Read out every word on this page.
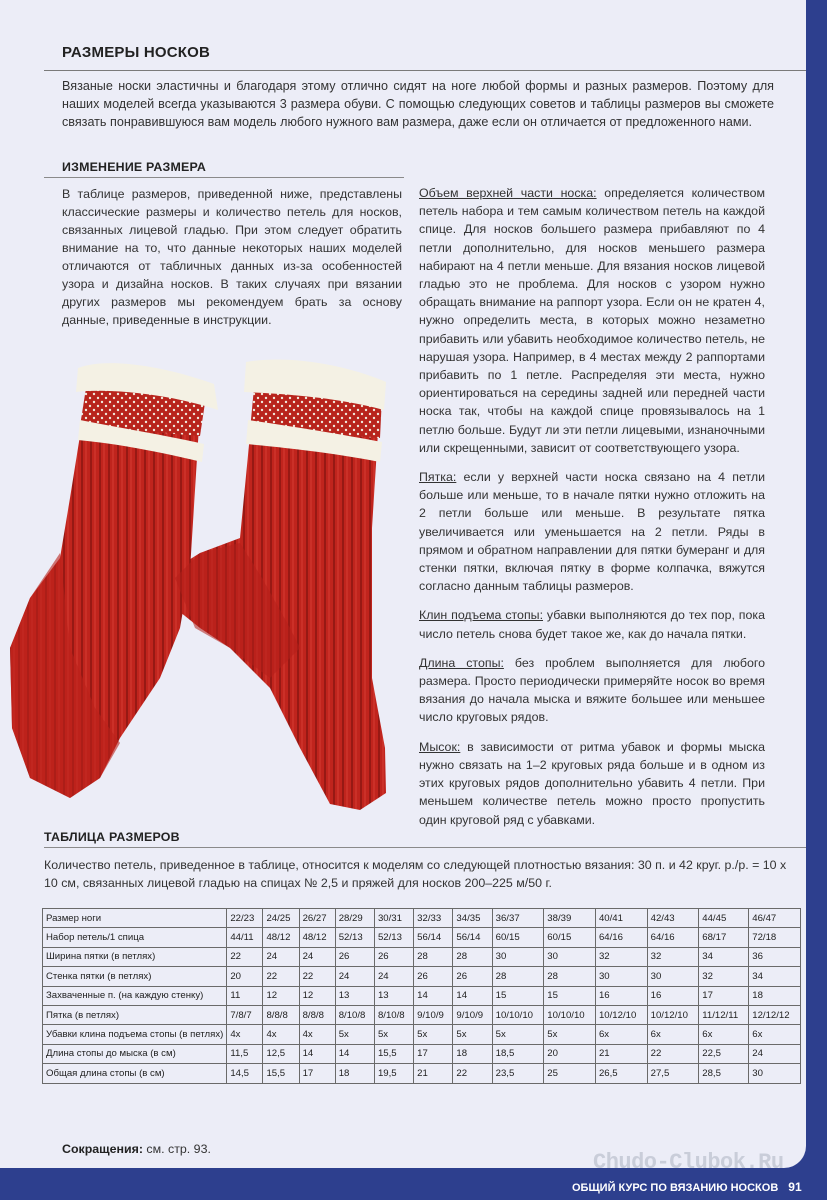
РАЗМЕРЫ НОСКОВ

Вязаные носки эластичны и благодаря этому отлично сидят на ноге любой формы и разных размеров. Поэтому для наших моделей всегда указываются 3 размера обуви. С помощью следующих советов и таблицы размеров вы сможете связать понравившуюся вам модель любого нужного вам размера, даже если он отличается от предложенного нами.

ИЗМЕНЕНИЕ РАЗМЕРА

В таблице размеров, приведенной ниже, представлены классические размеры и количество петель для носков, связанных лицевой гладью. При этом следует обратить внимание на то, что данные некоторых наших моделей отличаются от табличных данных из-за особенностей узора и дизайна носков. В таких случаях при вязании других размеров мы рекомендуем брать за основу данные, приведенные в инструкции.

Объем верхней части носка: определяется количеством петель набора и тем самым количеством петель на каждой спице. Для носков большего размера прибавляют по 4 петли дополнительно, для носков меньшего размера набирают на 4 петли меньше. Для вязания носков лицевой гладью это не проблема. Для носков с узором нужно обращать внимание на раппорт узора. Если он не кратен 4, нужно определить места, в которых можно незаметно прибавить или убавить необходимое количество петель, не нарушая узора. Например, в 4 местах между 2 раппортами прибавить по 1 петле. Распределяя эти места, нужно ориентироваться на середины задней или передней части носка так, чтобы на каждой спице провязывалось на 1 петлю больше. Будут ли эти петли лицевыми, изнаночными или скрещенными, зависит от соответствующего узора.

Пятка: если у верхней части носка связано на 4 петли больше или меньше, то в начале пятки нужно отложить на 2 петли больше или меньше. В результате пятка увеличивается или уменьшается на 2 петли. Ряды в прямом и обратном направлении для пятки бумеранг и для стенки пятки, включая пятку в форме колпачка, вяжутся согласно данным таблицы размеров.

Клин подъема стопы: убавки выполняются до тех пор, пока число петель снова будет такое же, как до начала пятки.

Длина стопы: без проблем выполняется для любого размера. Просто периодически примеряйте носок во время вязания до начала мыска и вяжите большее или меньшее число круговых рядов.

Мысок: в зависимости от ритма убавок и формы мыска нужно связать на 1–2 круговых ряда больше и в одном из этих круговых рядов дополнительно убавить 4 петли. При меньшем количестве петель можно просто пропустить один круговой ряд с убавками.

ТАБЛИЦА РАЗМЕРОВ

Количество петель, приведенное в таблице, относится к моделям со следующей плотностью вязания: 30 п. и 42 круг. р./р. = 10 х 10 см, связанных лицевой гладью на спицах № 2,5 и пряжей для носков 200–225 м/50 г.

Размер ноги	22/23	24/25	26/27	28/29	30/31	32/33	34/35	36/37	38/39	40/41	42/43	44/45	46/47
Набор петель/1 спица	44/11	48/12	48/12	52/13	52/13	56/14	56/14	60/15	60/15	64/16	64/16	68/17	72/18
Ширина пятки (в петлях)	22	24	24	26	26	28	28	30	30	32	32	34	36
Стенка пятки (в петлях)	20	22	22	24	24	26	26	28	28	30	30	32	34
Захваченные п. (на каждую стенку)	11	12	12	13	13	14	14	15	15	16	16	17	18
Пятка (в петлях)	7/8/7	8/8/8	8/8/8	8/10/8	8/10/8	9/10/9	9/10/9	10/10/10	10/10/10	10/12/10	10/12/10	11/12/11	12/12/12
Убавки клина подъема стопы (в петлях)	4х	4х	4х	5х	5х	5х	5х	5х	5х	6х	6х	6х	6х
Длина стопы до мыска (в см)	11,5	12,5	14	14	15,5	17	18	18,5	20	21	22	22,5	24
Общая длина стопы (в см)	14,5	15,5	17	18	19,5	21	22	23,5	25	26,5	27,5	28,5	30
Сокращения: см. стр. 93.
Chudo-Clubok.Ru
ОБЩИЙ КУРС ПО ВЯЗАНИЮ НОСКОВ 91
